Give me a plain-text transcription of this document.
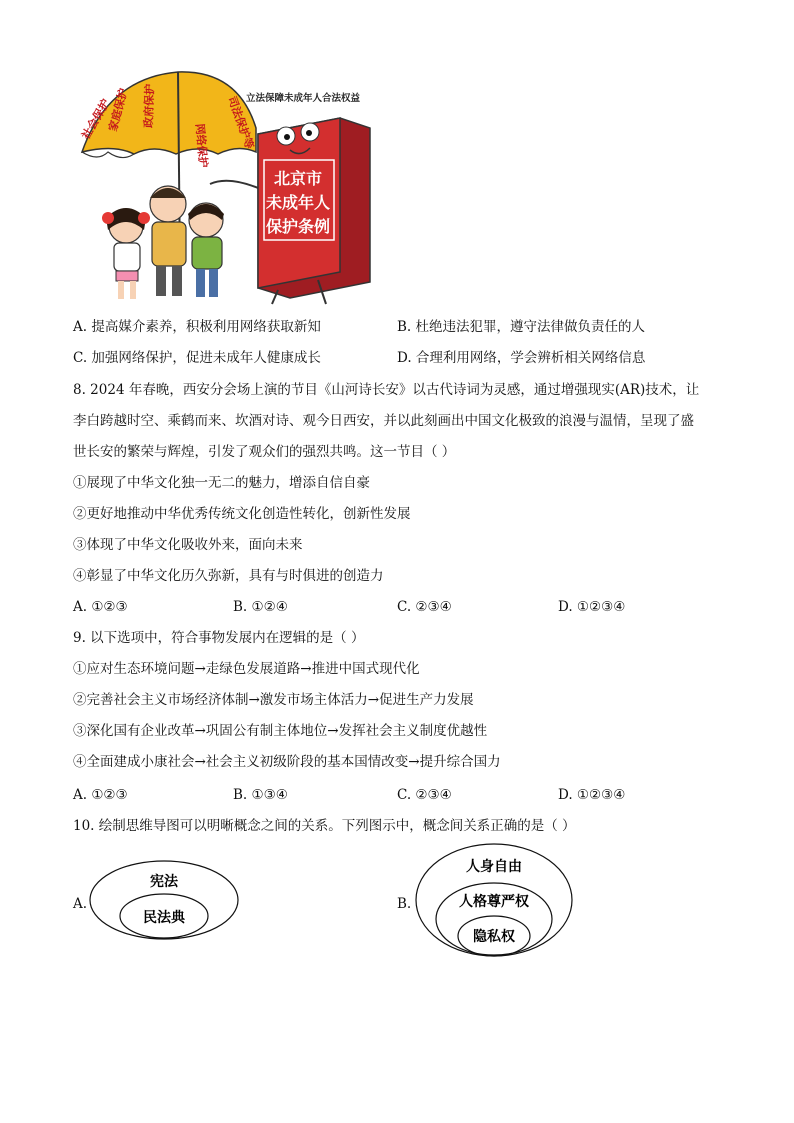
社会保护
家庭保护 政府保护
网络保护 司法保护等
立法保障未成年人合法权益
北京市
未成年人
保护条例
A. 提高媒介素养，积极利用网络获取新知	B. 杜绝违法犯罪，遵守法律做负责任的人
C. 加强网络保护，促进未成年人健康成长	D. 合理利用网络，学会辨析相关网络信息
8. 2024 年春晚，西安分会场上演的节目《山河诗长安》以古代诗词为灵感，通过增强现实(AR)技术，让
李白跨越时空、乘鹤而来、坎酒对诗、观今日西安，并以此刻画出中国文化极致的浪漫与温情，呈现了盛
世长安的繁荣与辉煌，引发了观众们的强烈共鸣。这一节目（ ）
①展现了中华文化独一无二的魅力，增添自信自豪
②更好地推动中华优秀传统文化创造性转化，创新性发展
③体现了中华文化吸收外来，面向未来
④彰显了中华文化历久弥新，具有与时俱进的创造力
A. ①②③	B. ①②④	C. ②③④	D. ①②③④
9. 以下选项中，符合事物发展内在逻辑的是（ ）
①应对生态环境问题→走绿色发展道路→推进中国式现代化
②完善社会主义市场经济体制→激发市场主体活力→促进生产力发展
③深化国有企业改革→巩固公有制主体地位→发挥社会主义制度优越性
④全面建成小康社会→社会主义初级阶段的基本国情改变→提升综合国力
A. ①②③	B. ①③④	C. ②③④	D. ①②③④
10. 绘制思维导图可以明晰概念之间的关系。下列图示中，概念间关系正确的是（ ）
A.
宪法
民法典
B.
人身自由
人格尊严权
隐私权
